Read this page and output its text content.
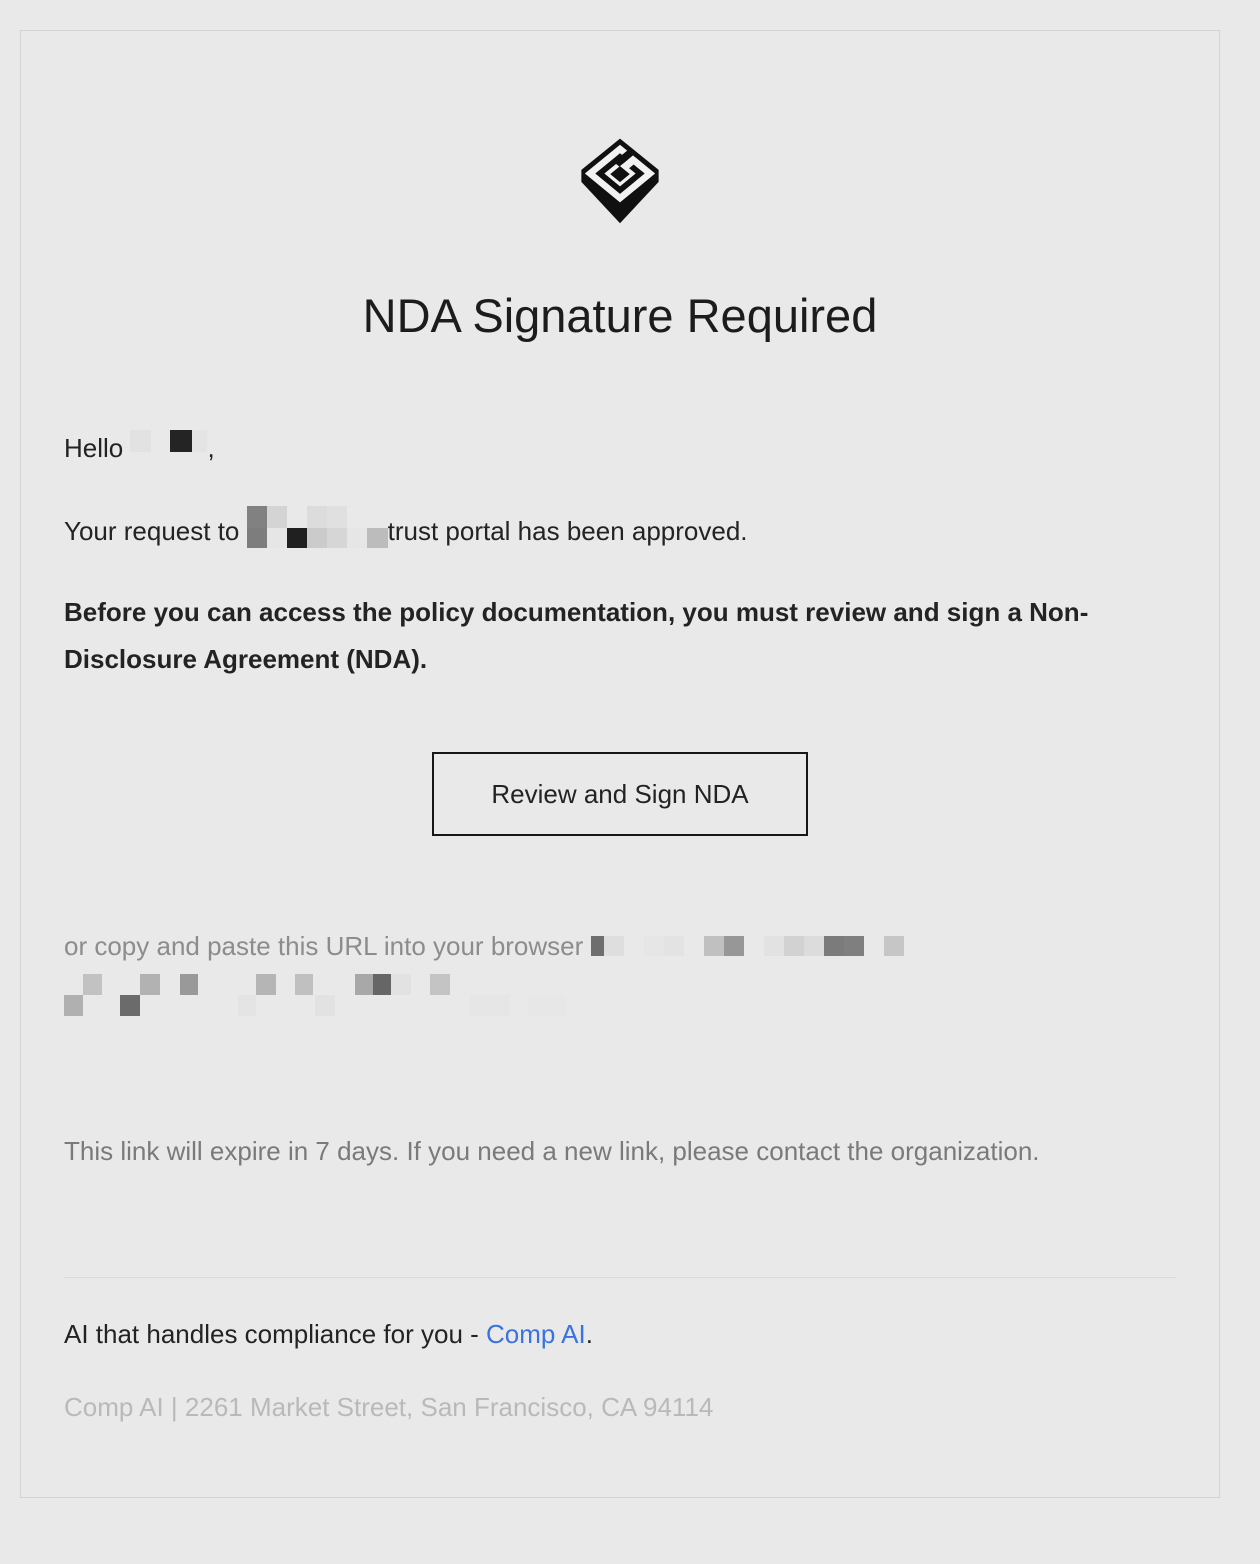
NDA Signature Required

Hello	,

Your request to	trust portal has been approved.

Before you can access the policy documentation, you must review and sign a Non-
Disclosure Agreement (NDA).

Review and Sign NDA

or copy and paste this URL into your browser

This link will expire in 7 days. If you need a new link, please contact the organization.

AI that handles compliance for you - Comp AI.

Comp AI | 2261 Market Street, San Francisco, CA 94114
